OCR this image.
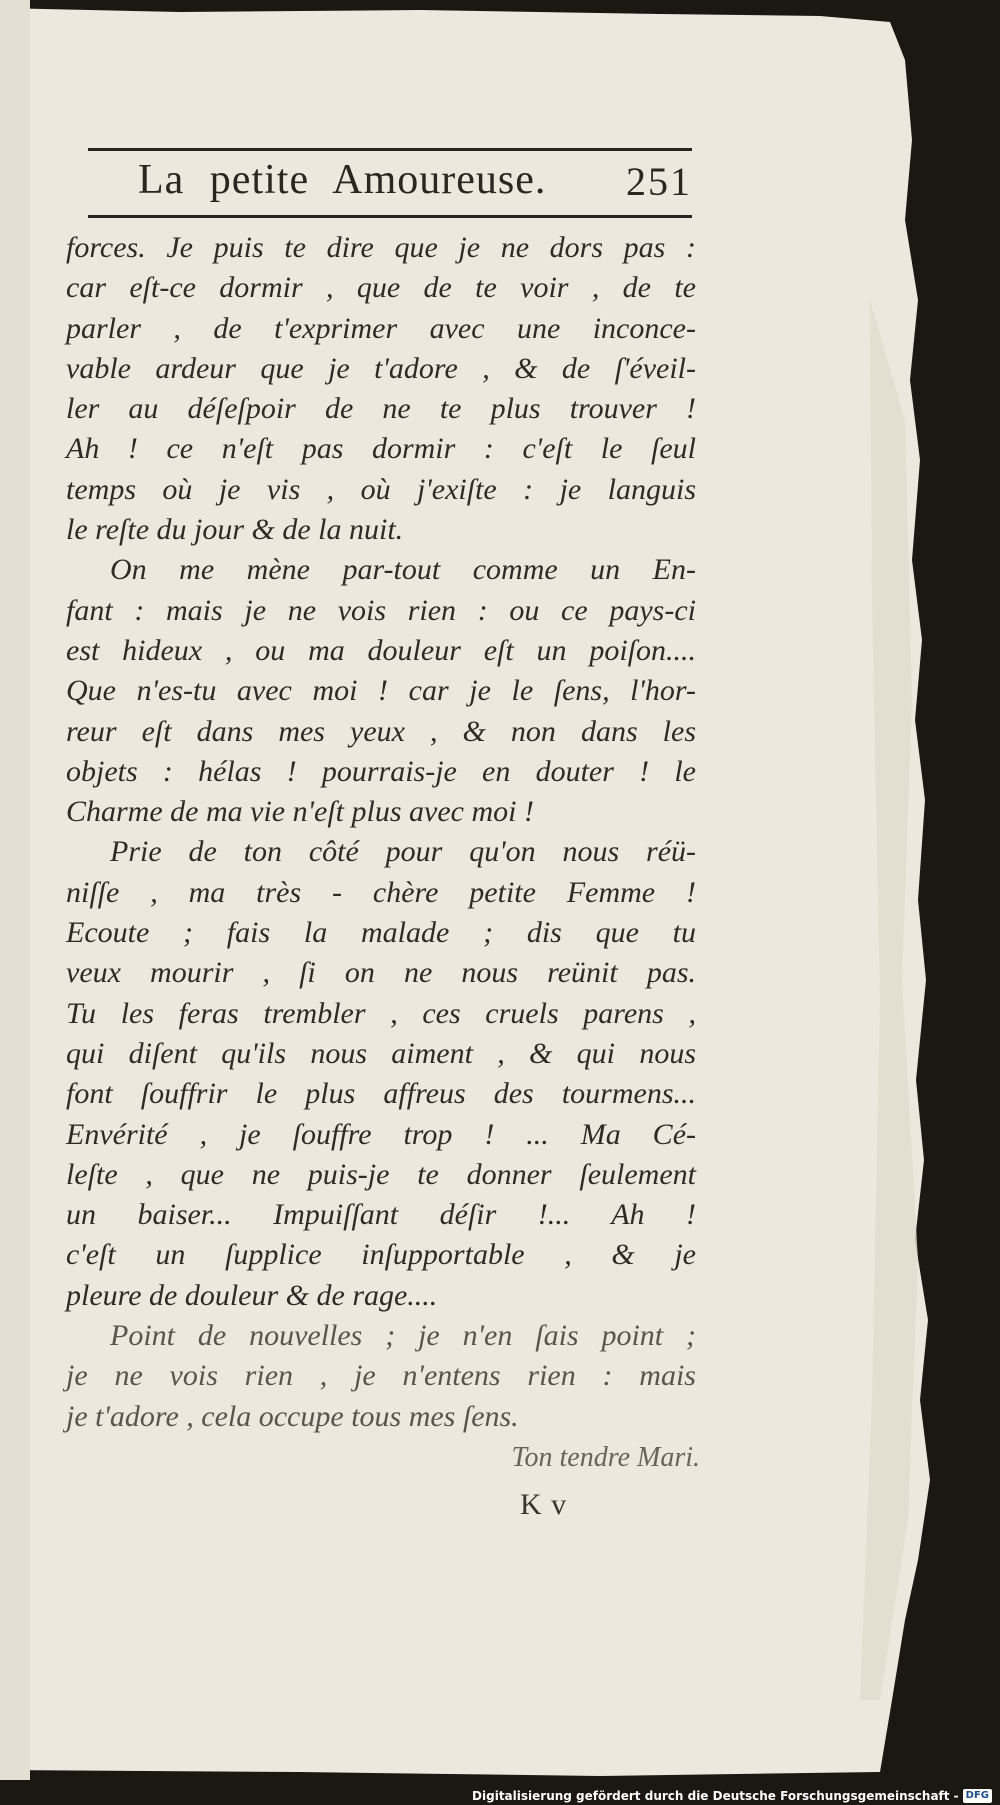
La petite Amoureuse.	251
forces. Je puis te dire que je ne dors pas :
car eſt-ce dormir , que de te voir , de te
parler , de t'exprimer avec une inconce-
vable ardeur que je t'adore , & de ſ'éveil-
ler au déſeſpoir de ne te plus trouver !
Ah ! ce n'eſt pas dormir : c'eſt le ſeul
temps où je vis , où j'exiſte : je languis
le reſte du jour & de la nuit.
On me mène par-tout comme un En-
fant : mais je ne vois rien : ou ce pays-ci
est hideux , ou ma douleur eſt un poiſon....
Que n'es-tu avec moi ! car je le ſens, l'hor-
reur eſt dans mes yeux , & non dans les
objets : hélas ! pourrais-je en douter ! le
Charme de ma vie n'eſt plus avec moi !
Prie de ton côté pour qu'on nous réü-
niſſe , ma très - chère petite Femme !
Ecoute ; fais la malade ; dis que tu
veux mourir , ſi on ne nous reünit pas.
Tu les feras trembler , ces cruels parens ,
qui diſent qu'ils nous aiment , & qui nous
font ſouffrir le plus affreus des tourmens...
Envérité , je ſouffre trop ! ... Ma Cé-
leſte , que ne puis-je te donner ſeulement
un baiser... Impuiſſant déſir !... Ah !
c'eſt un ſupplice inſupportable , & je
pleure de douleur & de rage....
Point de nouvelles ; je n'en ſais point ;
je ne vois rien , je n'entens rien : mais
je t'adore , cela occupe tous mes ſens.
Ton tendre Mari.
K v
Digitalisierung gefördert durch die Deutsche Forschungsgemeinschaft - DFG
